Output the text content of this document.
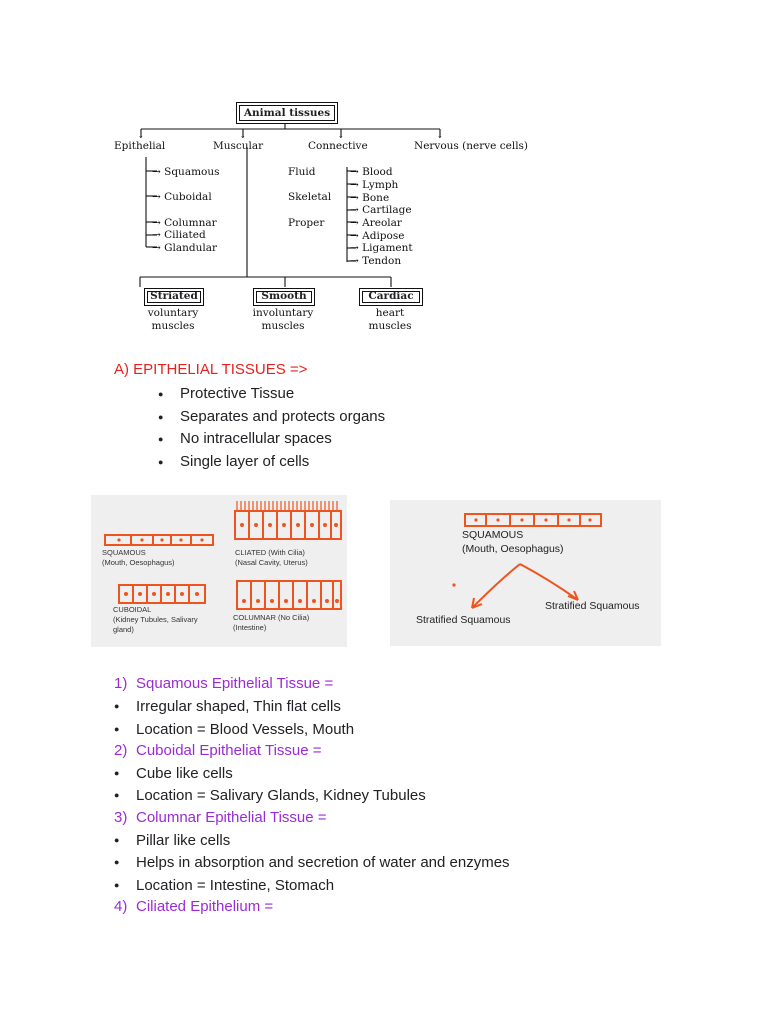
↓	↓	↓	↓
Animal tissues
Epithelial	Muscular	Connective	Nervous (nerve cells)
→ Squamous
→ Cuboidal
→ Columnar
→ Ciliated
→ Glandular
Fluid
Skeletal
Proper
→ Blood
→ Lymph
→ Bone
→ Cartilage
→ Areolar
→ Adipose
→ Ligament
→ Tendon
Striated	Smooth	Cardiac
voluntary
muscles
involuntary
muscles
heart
muscles
A) EPITHELIAL TISSUES =>
● Protective Tissue
● Separates and protects organs
● No intracellular spaces
● Single layer of cells
SQUAMOUS
(Mouth, Oesophagus)
CLIATED (With Cilia)
(Nasal Cavity, Uterus)
CUBOIDAL
(Kidney Tubules, Salivary
gland)
COLUMNAR (No Cilia)
(Intestine)
SQUAMOUS
(Mouth, Oesophagus)
Stratified Squamous
Stratified Squamous
1) Squamous Epithelial Tissue =
● Irregular shaped, Thin flat cells
● Location = Blood Vessels, Mouth
2) Cuboidal Epitheliat Tissue =
● Cube like cells
● Location = Salivary Glands, Kidney Tubules
3) Columnar Epithelial Tissue =
● Pillar like cells
● Helps in absorption and secretion of water and enzymes
● Location = Intestine, Stomach
4) Ciliated Epithelium =
